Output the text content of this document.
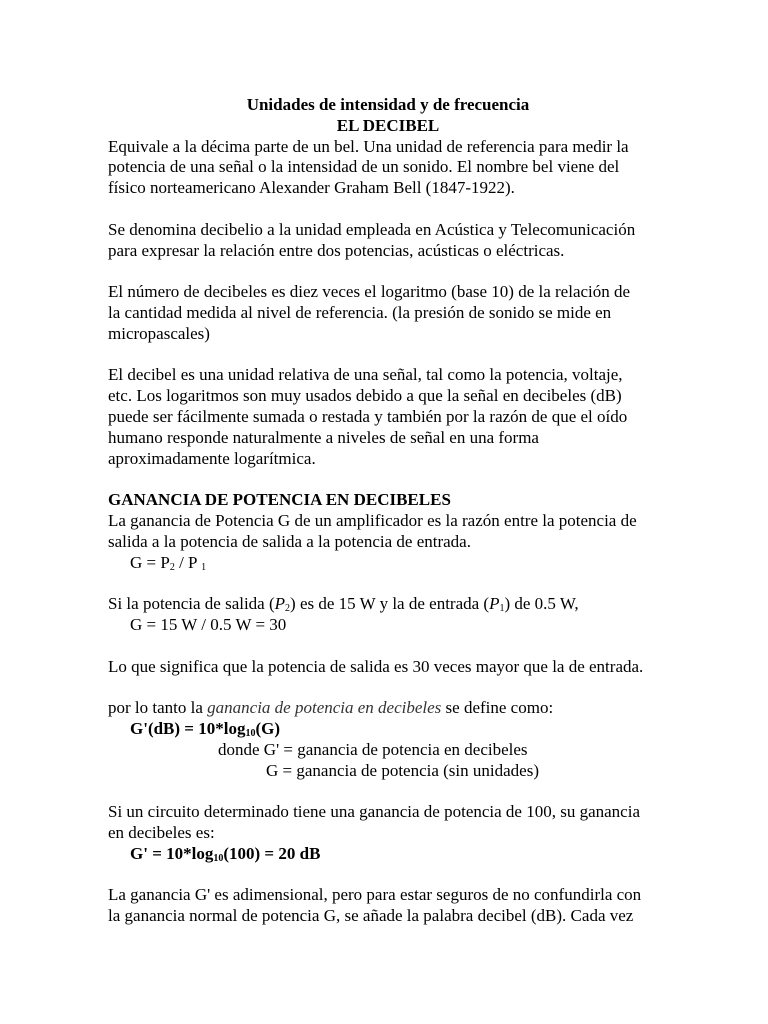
Unidades de intensidad y de frecuencia
EL DECIBEL
Equivale a la décima parte de un bel. Una unidad de referencia para medir la
potencia de una señal o la intensidad de un sonido. El nombre bel viene del
físico norteamericano Alexander Graham Bell (1847-1922).
Se denomina decibelio a la unidad empleada en Acústica y Telecomunicación
para expresar la relación entre dos potencias, acústicas o eléctricas.
El número de decibeles es diez veces el logaritmo (base 10) de la relación de
la cantidad medida al nivel de referencia. (la presión de sonido se mide en
micropascales)
El decibel es una unidad relativa de una señal, tal como la potencia, voltaje,
etc. Los logaritmos son muy usados debido a que la señal en decibeles (dB)
puede ser fácilmente sumada o restada y también por la razón de que el oído
humano responde naturalmente a niveles de señal en una forma
aproximadamente logarítmica.
GANANCIA DE POTENCIA EN DECIBELES
La ganancia de Potencia G de un amplificador es la razón entre la potencia de
salida a la potencia de salida a la potencia de entrada.
$G = P_2 / P$ $_1$
Si la potencia de salida $(P_2)$ es de 15 W y la de entrada $(P_1)$ de 0.5 W,
G = 15 W / 0.5 W = 30
Lo que significa que la potencia de salida es 30 veces mayor que la de entrada.
por lo tanto la ganancia de potencia en decibeles se define como:
$G'(dB) = 10*\log_{10}(G)$
donde G' = ganancia de potencia en decibeles
G = ganancia de potencia (sin unidades)
Si un circuito determinado tiene una ganancia de potencia de 100, su ganancia
en decibeles es:
$G' = 10*\log_{10}(100) = 20$ dB
La ganancia G' es adimensional, pero para estar seguros de no confundirla con
la ganancia normal de potencia G, se añade la palabra decibel (dB). Cada vez
